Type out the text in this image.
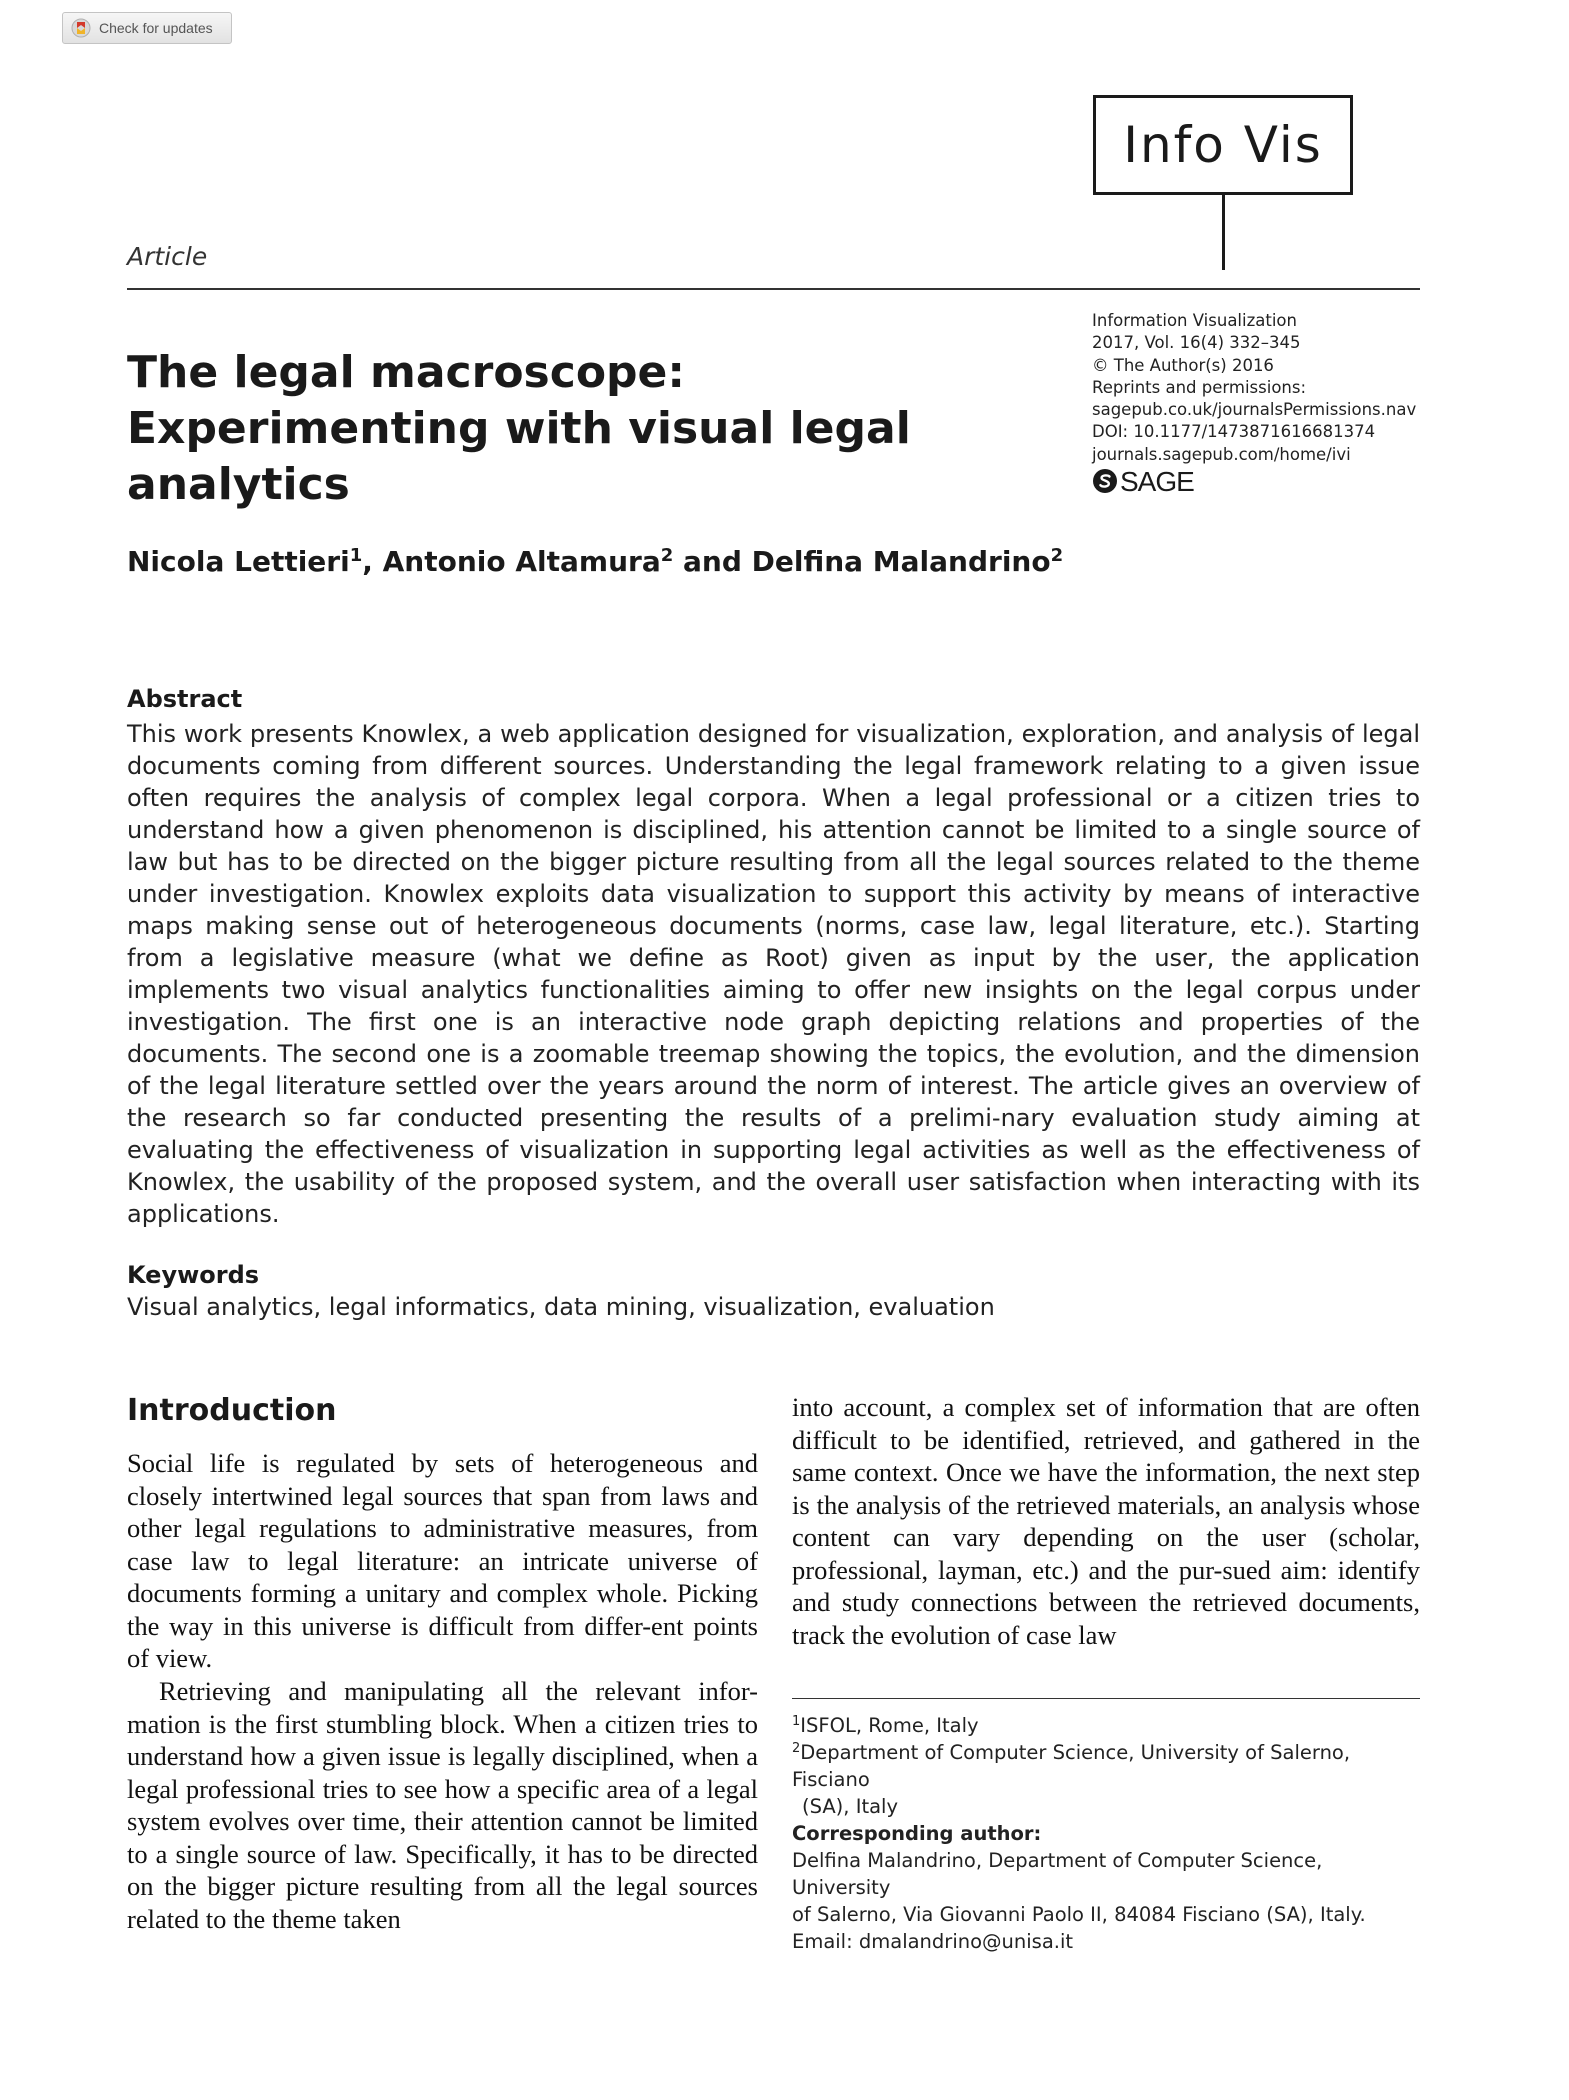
Check for updates
Info Vis
Article
Information Visualization
2017, Vol. 16(4) 332–345
© The Author(s) 2016
Reprints and permissions:
sagepub.co.uk/journalsPermissions.nav
DOI: 10.1177/1473871616681374
journals.sagepub.com/home/ivi
SAGE
The legal macroscope: Experimenting with visual legal analytics
Nicola Lettieri$^1$, Antonio Altamura$^2$ and Delfina Malandrino$^2$
Abstract

This work presents Knowlex, a web application designed for visualization, exploration, and analysis of legal documents coming from different sources. Understanding the legal framework relating to a given issue often requires the analysis of complex legal corpora. When a legal professional or a citizen tries to understand how a given phenomenon is disciplined, his attention cannot be limited to a single source of law but has to be directed on the bigger picture resulting from all the legal sources related to the theme under investigation. Knowlex exploits data visualization to support this activity by means of interactive maps making sense out of heterogeneous documents (norms, case law, legal literature, etc.). Starting from a legislative measure (what we define as Root) given as input by the user, the application implements two visual analytics functionalities aiming to offer new insights on the legal corpus under investigation. The first one is an interactive node graph depicting relations and properties of the documents. The second one is a zoomable treemap showing the topics, the evolution, and the dimension of the legal literature settled over the years around the norm of interest. The article gives an overview of the research so far conducted presenting the results of a prelimi-nary evaluation study aiming at evaluating the effectiveness of visualization in supporting legal activities as well as the effectiveness of Knowlex, the usability of the proposed system, and the overall user satisfaction when interacting with its applications.

Keywords
Visual analytics, legal informatics, data mining, visualization, evaluation
Introduction

Social life is regulated by sets of heterogeneous and closely intertwined legal sources that span from laws and other legal regulations to administrative measures, from case law to legal literature: an intricate universe of documents forming a unitary and complex whole. Picking the way in this universe is difficult from differ-ent points of view.

Retrieving and manipulating all the relevant infor-mation is the first stumbling block. When a citizen tries to understand how a given issue is legally disciplined, when a legal professional tries to see how a specific area of a legal system evolves over time, their attention cannot be limited to a single source of law. Specifically, it has to be directed on the bigger picture resulting from all the legal sources related to the theme taken

into account, a complex set of information that are often difficult to be identified, retrieved, and gathered in the same context. Once we have the information, the next step is the analysis of the retrieved materials, an analysis whose content can vary depending on the user (scholar, professional, layman, etc.) and the pur-sued aim: identify and study connections between the retrieved documents, track the evolution of case law

$^1$ISFOL, Rome, Italy

$^2$Department of Computer Science, University of Salerno, Fisciano

(SA), Italy

Corresponding author:

Delfina Malandrino, Department of Computer Science, University

of Salerno, Via Giovanni Paolo II, 84084 Fisciano (SA), Italy.

Email: dmalandrino@unisa.it
